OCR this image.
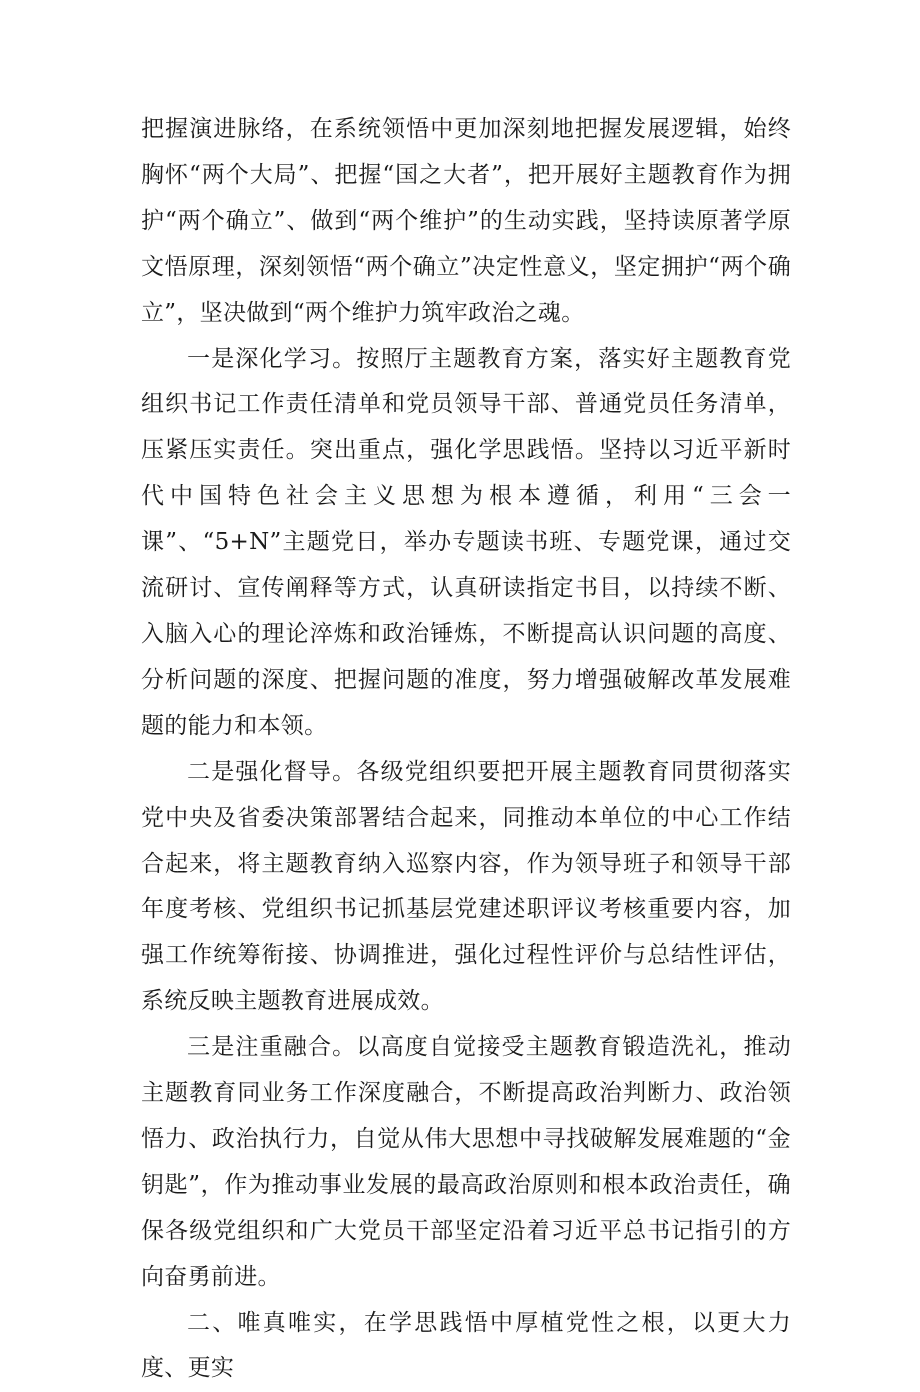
把握演进脉络，在系统领悟中更加深刻地把握发展逻辑，始终胸怀“两个大局”、把握“国之大者”，把开展好主题教育作为拥护“两个确立”、做到“两个维护”的生动实践，坚持读原著学原文悟原理，深刻领悟“两个确立”决定性意义，坚定拥护“两个确立”，坚决做到“两个维护力筑牢政治之魂。

一是深化学习。按照厅主题教育方案，落实好主题教育党组织书记工作责任清单和党员领导干部、普通党员任务清单，压紧压实责任。突出重点，强化学思践悟。坚持以习近平新时代中国特色社会主义思想为根本遵循，利用“三会一课”、“5+N”主题党日，举办专题读书班、专题党课，通过交流研讨、宣传阐释等方式，认真研读指定书目，以持续不断、入脑入心的理论淬炼和政治锤炼，不断提高认识问题的高度、分析问题的深度、把握问题的准度，努力增强破解改革发展难题的能力和本领。

二是强化督导。各级党组织要把开展主题教育同贯彻落实党中央及省委决策部署结合起来，同推动本单位的中心工作结合起来，将主题教育纳入巡察内容，作为领导班子和领导干部年度考核、党组织书记抓基层党建述职评议考核重要内容，加强工作统筹衔接、协调推进，强化过程性评价与总结性评估，系统反映主题教育进展成效。

三是注重融合。以高度自觉接受主题教育锻造洗礼，推动主题教育同业务工作深度融合，不断提高政治判断力、政治领悟力、政治执行力，自觉从伟大思想中寻找破解发展难题的“金钥匙”，作为推动事业发展的最高政治原则和根本政治责任，确保各级党组织和广大党员干部坚定沿着习近平总书记指引的方向奋勇前进。

二、唯真唯实，在学思践悟中厚植党性之根，以更大力度、更实
